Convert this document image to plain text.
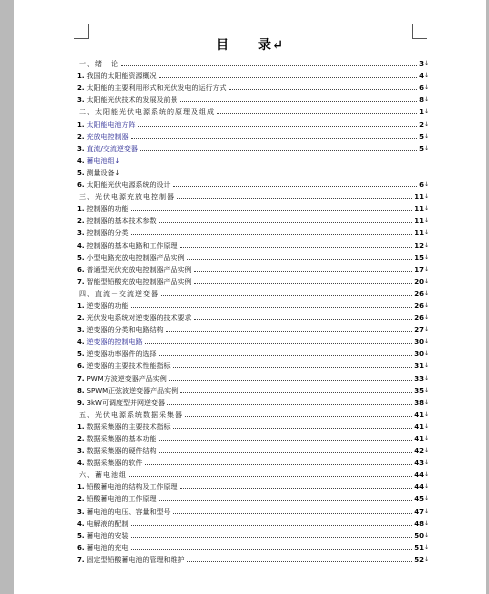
目　　录↵
一、绪　论	3 ↓
1. 我国的太阳能资源概况	4 ↓
2. 太阳能的主要利用形式和光伏发电的运行方式	6 ↓
3. 太阳能光伏技术的发展及前景	8 ↓
二、太阳能光伏电源系统的原理及组成	1 ↓
1. 太阳能电池方阵	2 ↓
2. 充放电控制器	5 ↓
3. 直流/交流逆变器	5 ↓
4. 蓄电池组↓
5. 测量设备↓
6. 太阳能光伏电源系统的设计	6 ↓
三、光伏电源充放电控制器	11 ↓
1. 控制器的功能	11 ↓
2. 控制器的基本技术参数	11 ↓
3. 控制器的分类	11 ↓
4. 控制器的基本电路和工作原理	12 ↓
5. 小型电路充放电控制器产品实例	15 ↓
6. 普通型光伏充放电控制器产品实例	17 ↓
7. 智能型铅酸充放电控制器产品实例	20 ↓
四、直流－交流逆变器	26 ↓
1. 逆变器的功能	26 ↓
2. 光伏发电系统对逆变器的技术要求	26 ↓
3. 逆变器的分类和电路结构	27 ↓
4. 逆变器的控制电路	30 ↓
5. 逆变器功率器件的选择	30 ↓
6. 逆变器的主要技术性能指标	31 ↓
7. PWM方波逆变器产品实例	33 ↓
8. SPWM正弦波逆变器产品实例	35 ↓
9. 3kW可调度型并网逆变器	38 ↓
五、光伏电源系统数据采集器	41 ↓
1. 数据采集器的主要技术指标	41 ↓
2. 数据采集器的基本功能	41 ↓
3. 数据采集器的硬件结构	42 ↓
4. 数据采集器的软件	43 ↓
六、蓄电池组	44 ↓
1. 铅酸蓄电池的结构及工作原理	44 ↓
2. 铅酸蓄电池的工作原理	45 ↓
3. 蓄电池的电压、容量和型号	47 ↓
4. 电解液的配制	48 ↓
5. 蓄电池的安装	50 ↓
6. 蓄电池的充电	51 ↓
7. 固定型铅酸蓄电池的管理和维护	52 ↓
